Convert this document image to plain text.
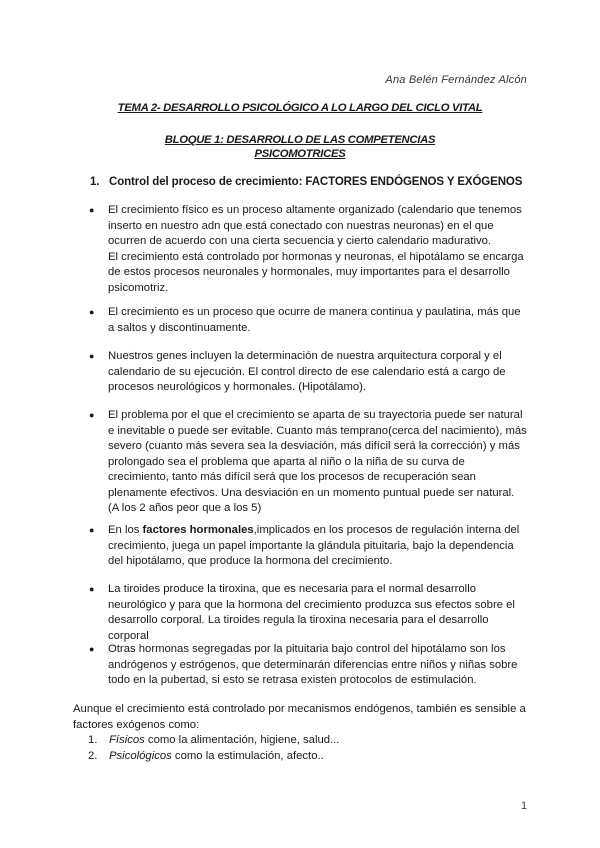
Ana Belén Fernández Alcón
TEMA 2- DESARROLLO PSICOLÓGICO A LO LARGO DEL CICLO VITAL
BLOQUE 1: DESARROLLO DE LAS COMPETENCIAS
PSICOMOTRICES
1. Control del proceso de crecimiento: FACTORES ENDÓGENOS Y EXÓGENOS
● El crecimiento físico es un proceso altamente organizado (calendario que tenemos inserto en nuestro adn que está conectado con nuestras neuronas) en el que ocurren de acuerdo con una cierta secuencia y cierto calendario madurativo.

El crecimiento está controlado por hormonas y neuronas, el hipotálamo se encarga de estos procesos neuronales y hormonales, muy importantes para el desarrollo psicomotriz.

● El crecimiento es un proceso que ocurre de manera continua y paulatina, más que a saltos y discontinuamente.

● Nuestros genes incluyen la determinación de nuestra arquitectura corporal y el calendario de su ejecución. El control directo de ese calendario está a cargo de procesos neurológicos y hormonales. (Hipotálamo).

● El problema por el que el crecimiento se aparta de su trayectoria puede ser natural e inevitable o puede ser evitable. Cuanto más temprano(cerca del nacimiento), más severo (cuanto más severa sea la desviación, más difícil será la corrección) y más prolongado sea el problema que aparta al niño o la niña de su curva de crecimiento, tanto más difícil será que los procesos de recuperación sean plenamente efectivos. Una desviación en un momento puntual puede ser natural. (A los 2 años peor que a los 5)

● En los factores hormonales,implicados en los procesos de regulación interna del crecimiento, juega un papel importante la glándula pituitaria, bajo la dependencia del hipotálamo, que produce la hormona del crecimiento.

● La tiroides produce la tiroxina, que es necesaria para el normal desarrollo neurológico y para que la hormona del crecimiento produzca sus efectos sobre el desarrollo corporal. La tiroides regula la tiroxina necesaria para el desarrollo corporal

● Otras hormonas segregadas por la pituitaria bajo control del hipotálamo son los andrógenos y estrógenos, que determinarán diferencias entre niños y niñas sobre todo en la pubertad, si esto se retrasa existen protocolos de estimulación.

Aunque el crecimiento está controlado por mecanismos endógenos, también es sensible a factores exógenos como:
1. Físicos como la alimentación, higiene, salud...
2. Psicológicos como la estimulación, afecto..
1
